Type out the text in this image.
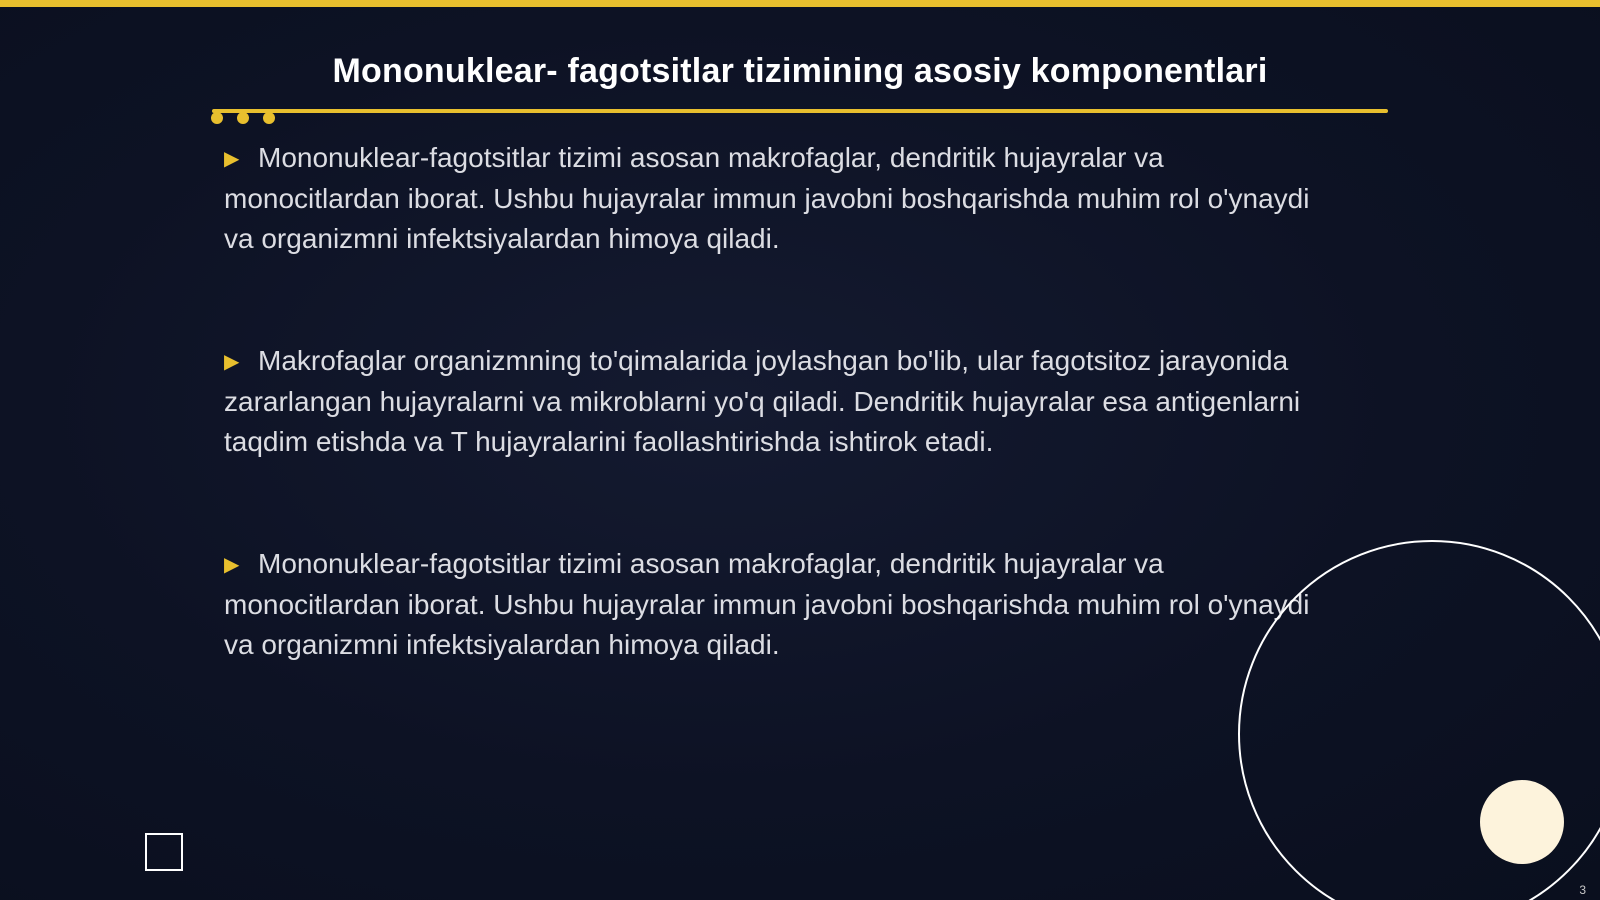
Mononuklear- fagotsitlar tizimining asosiy komponentlari

▶ Mononuklear-fagotsitlar tizimi asosan makrofaglar, dendritik hujayralar va monocitlardan iborat. Ushbu hujayralar immun javobni boshqarishda muhim rol o'ynaydi va organizmni infektsiyalardan himoya qiladi.

▶ Makrofaglar organizmning to'qimalarida joylashgan bo'lib, ular fagotsitoz jarayonida zararlangan hujayralarni va mikroblarni yo'q qiladi. Dendritik hujayralar esa antigenlarni taqdim etishda va T hujayralarini faollashtirishda ishtirok etadi.

▶ Mononuklear-fagotsitlar tizimi asosan makrofaglar, dendritik hujayralar va monocitlardan iborat. Ushbu hujayralar immun javobni boshqarishda muhim rol o'ynaydi va organizmni infektsiyalardan himoya qiladi.

3
